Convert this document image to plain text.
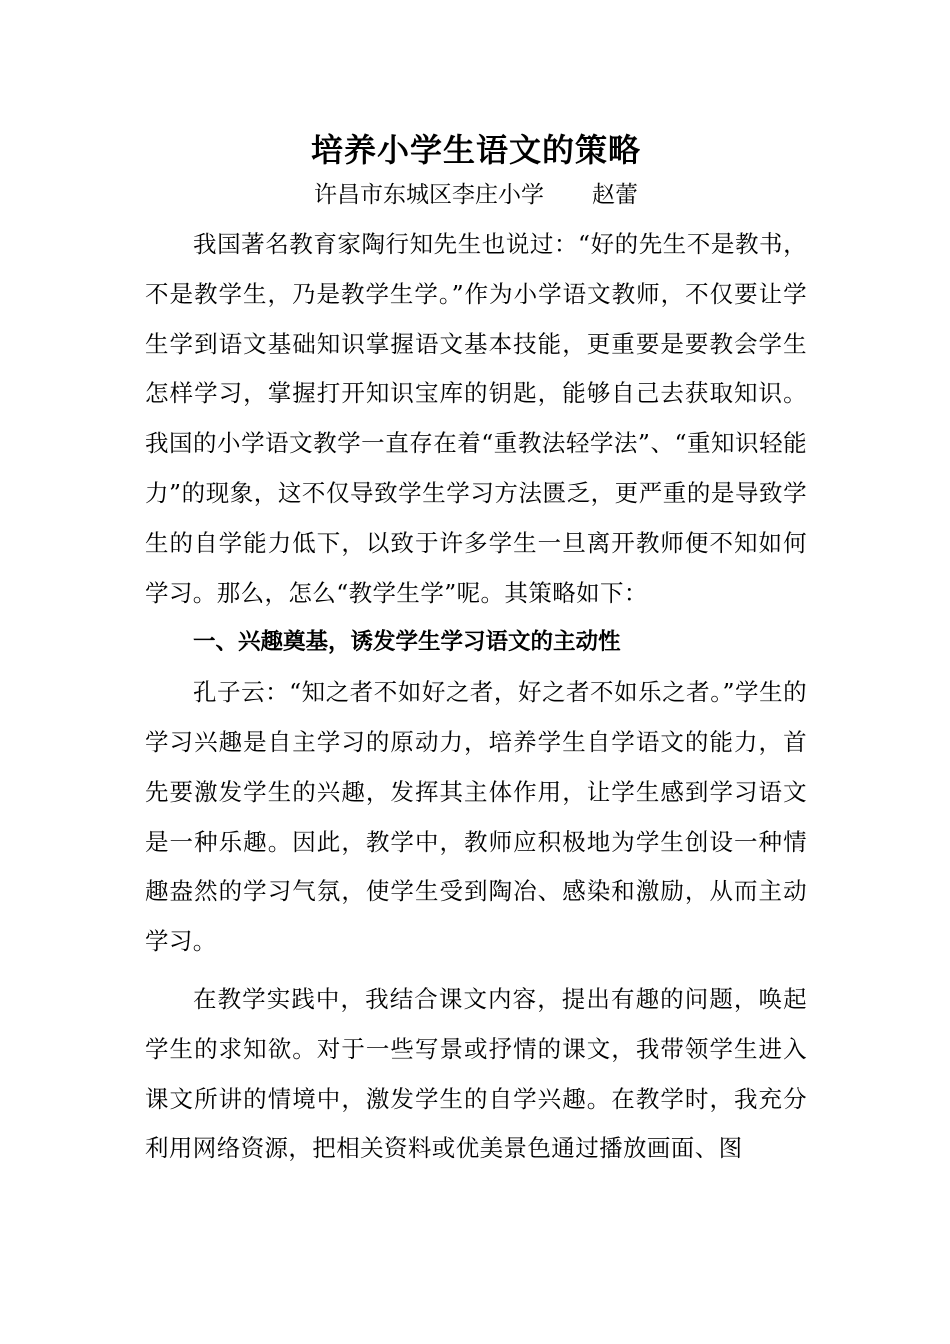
培养小学生语文的策略
许昌市东城区李庄小学 赵蕾

我国著名教育家陶行知先生也说过：“好的先生不是教书，不是教学生，乃是教学生学。”作为小学语文教师，不仅要让学生学到语文基础知识掌握语文基本技能，更重要是要教会学生怎样学习，掌握打开知识宝库的钥匙，能够自己去获取知识。我国的小学语文教学一直存在着“重教法轻学法”、“重知识轻能力”的现象，这不仅导致学生学习方法匮乏，更严重的是导致学生的自学能力低下，以致于许多学生一旦离开教师便不知如何学习。那么，怎么“教学生学”呢。其策略如下：

一、兴趣奠基，诱发学生学习语文的主动性

孔子云：“知之者不如好之者，好之者不如乐之者。”学生的学习兴趣是自主学习的原动力，培养学生自学语文的能力，首先要激发学生的兴趣，发挥其主体作用，让学生感到学习语文是一种乐趣。因此，教学中，教师应积极地为学生创设一种情趣盎然的学习气氛，使学生受到陶冶、感染和激励，从而主动学习。

在教学实践中，我结合课文内容，提出有趣的问题，唤起学生的求知欲。对于一些写景或抒情的课文，我带领学生进入课文所讲的情境中，激发学生的自学兴趣。在教学时，我充分利用网络资源，把相关资料或优美景色通过播放画面、图
